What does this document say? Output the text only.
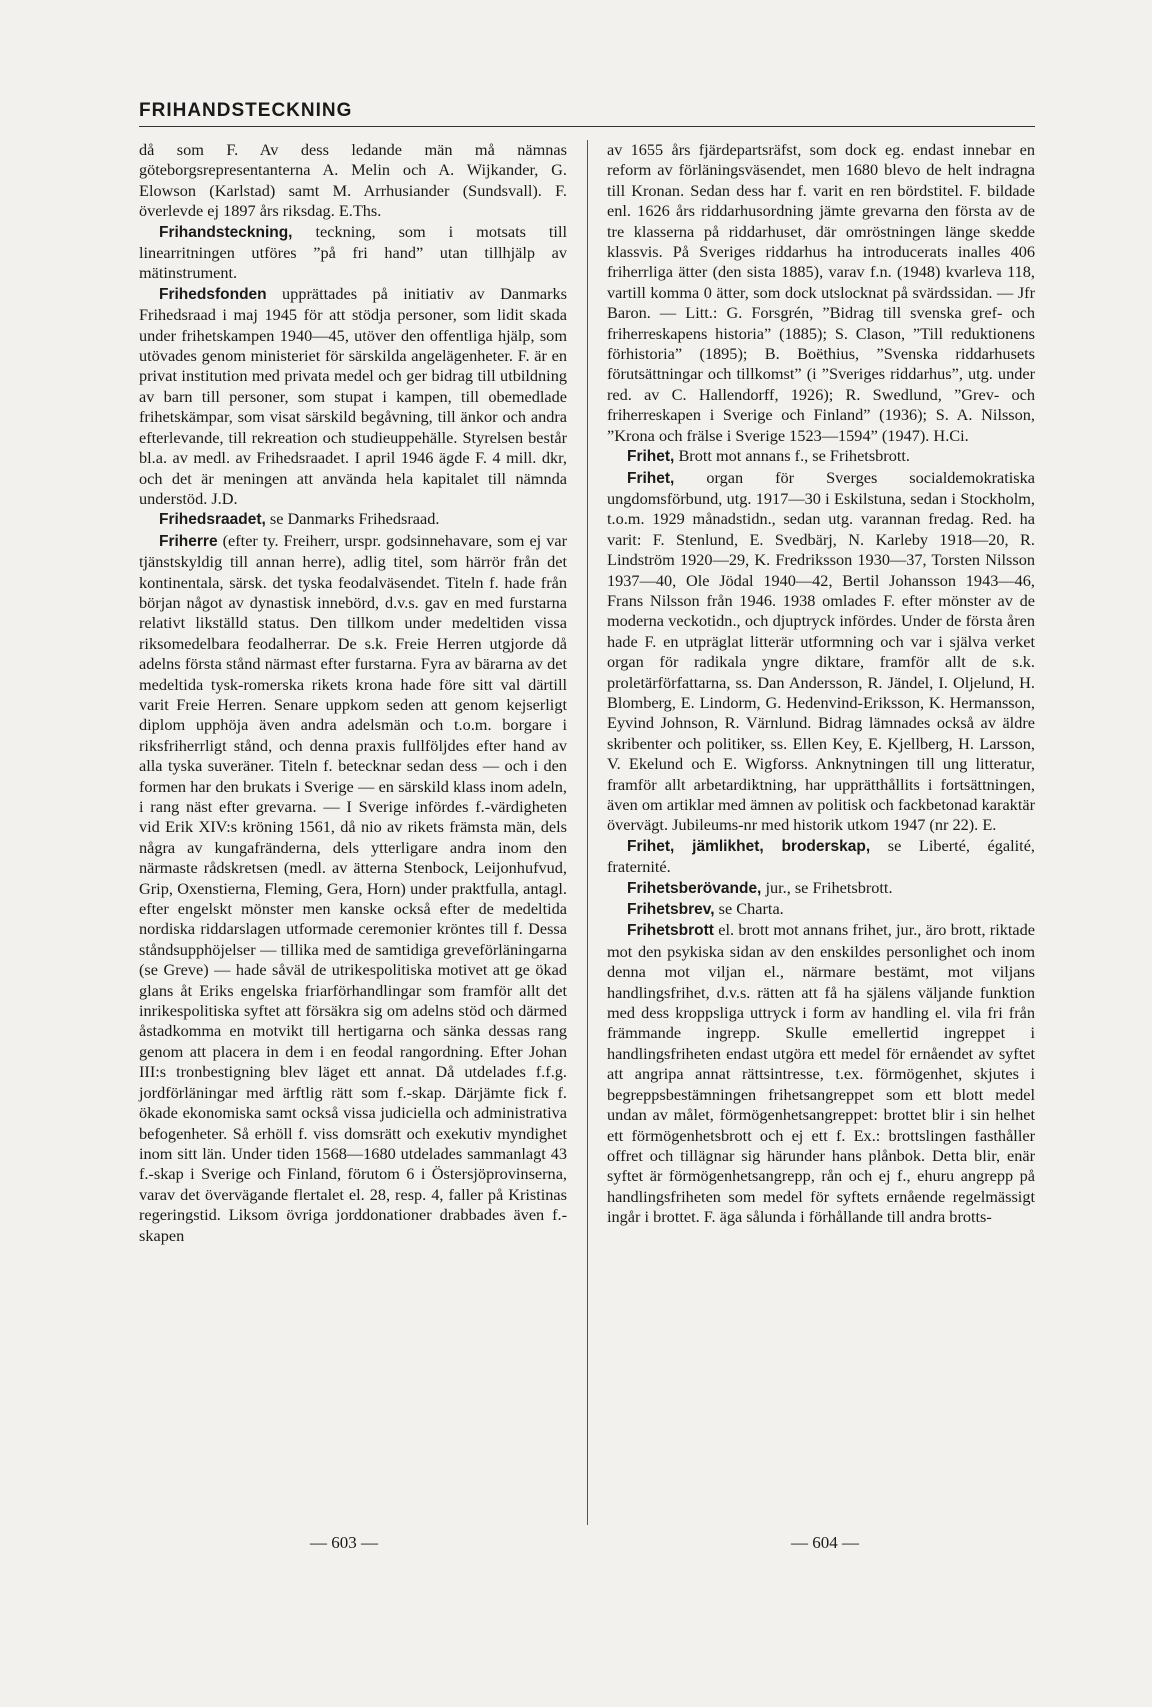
FRIHANDSTECKNING

då som F. Av dess ledande män må nämnas göteborgsrepresentanterna A. Melin och A. Wijkander, G. Elowson (Karlstad) samt M. Arrhusiander (Sundsvall). F. överlevde ej 1897 års riksdag. E.Ths.

Frihandsteckning, teckning, som i motsats till linearritningen utföres ”på fri hand” utan tillhjälp av mätinstrument.

Frihedsfonden upprättades på initiativ av Danmarks Frihedsraad i maj 1945 för att stödja personer, som lidit skada under frihetskampen 1940—45, utöver den offentliga hjälp, som utövades genom ministeriet för särskilda angelägenheter. F. är en privat institution med privata medel och ger bidrag till utbildning av barn till personer, som stupat i kampen, till obemedlade frihetskämpar, som visat särskild begåvning, till änkor och andra efterlevande, till rekreation och studieuppehälle. Styrelsen består bl.a. av medl. av Frihedsraadet. I april 1946 ägde F. 4 mill. dkr, och det är meningen att använda hela kapitalet till nämnda understöd. J.D.

Frihedsraadet, se Danmarks Frihedsraad.

Friherre (efter ty. Freiherr, urspr. godsinnehavare, som ej var tjänstskyldig till annan herre), adlig titel, som härrör från det kontinentala, särsk. det tyska feodalväsendet. Titeln f. hade från början något av dynastisk innebörd, d.v.s. gav en med furstarna relativt likställd status. Den tillkom under medeltiden vissa riksomedelbara feodalherrar. De s.k. Freie Herren utgjorde då adelns första stånd närmast efter furstarna. Fyra av bärarna av det medeltida tysk-romerska rikets krona hade före sitt val därtill varit Freie Herren. Senare uppkom seden att genom kejserligt diplom upphöja även andra adelsmän och t.o.m. borgare i riksfriherrligt stånd, och denna praxis fullföljdes efter hand av alla tyska suveräner. Titeln f. betecknar sedan dess — och i den formen har den brukats i Sverige — en särskild klass inom adeln, i rang näst efter grevarna. — I Sverige infördes f.-värdigheten vid Erik XIV:s kröning 1561, då nio av rikets främsta män, dels några av kungafränderna, dels ytterligare andra inom den närmaste rådskretsen (medl. av ätterna Stenbock, Leijonhufvud, Grip, Oxenstierna, Fleming, Gera, Horn) under praktfulla, antagl. efter engelskt mönster men kanske också efter de medeltida nordiska riddarslagen utformade ceremonier kröntes till f. Dessa ståndsupphöjelser — tillika med de samtidiga greveförläningarna (se Greve) — hade såväl de utrikespolitiska motivet att ge ökad glans åt Eriks engelska friarförhandlingar som framför allt det inrikespolitiska syftet att försäkra sig om adelns stöd och därmed åstadkomma en motvikt till hertigarna och sänka dessas rang genom att placera in dem i en feodal rangordning. Efter Johan III:s tronbestigning blev läget ett annat. Då utdelades f.f.g. jordförläningar med ärftlig rätt som f.-skap. Därjämte fick f. ökade ekonomiska samt också vissa judiciella och administrativa befogenheter. Så erhöll f. viss domsrätt och exekutiv myndighet inom sitt län. Under tiden 1568—1680 utdelades sammanlagt 43 f.-skap i Sverige och Finland, förutom 6 i Östersjöprovinserna, varav det övervägande flertalet el. 28, resp. 4, faller på Kristinas regeringstid. Liksom övriga jorddonationer drabbades även f.-skapen

av 1655 års fjärdepartsräfst, som dock eg. endast innebar en reform av förläningsväsendet, men 1680 blevo de helt indragna till Kronan. Sedan dess har f. varit en ren bördstitel. F. bildade enl. 1626 års riddarhusordning jämte grevarna den första av de tre klasserna på riddarhuset, där omröstningen länge skedde klassvis. På Sveriges riddarhus ha introducerats inalles 406 friherrliga ätter (den sista 1885), varav f.n. (1948) kvarleva 118, vartill komma 0 ätter, som dock utslocknat på svärdssidan. — Jfr Baron. — Litt.: G. Forsgrén, ”Bidrag till svenska gref- och friherreskapens historia” (1885); S. Clason, ”Till reduktionens förhistoria” (1895); B. Boëthius, ”Svenska riddarhusets förutsättningar och tillkomst” (i ”Sveriges riddarhus”, utg. under red. av C. Hallendorff, 1926); R. Swedlund, ”Grev- och friherreskapen i Sverige och Finland” (1936); S. A. Nilsson, ”Krona och frälse i Sverige 1523—1594” (1947). H.Ci.

Frihet, Brott mot annans f., se Frihetsbrott.

Frihet, organ för Sverges socialdemokratiska ungdomsförbund, utg. 1917—30 i Eskilstuna, sedan i Stockholm, t.o.m. 1929 månadstidn., sedan utg. varannan fredag. Red. ha varit: F. Stenlund, E. Svedbärj, N. Karleby 1918—20, R. Lindström 1920—29, K. Fredriksson 1930—37, Torsten Nilsson 1937—40, Ole Jödal 1940—42, Bertil Johansson 1943—46, Frans Nilsson från 1946. 1938 omlades F. efter mönster av de moderna veckotidn., och djuptryck infördes. Under de första åren hade F. en utpräglat litterär utformning och var i själva verket organ för radikala yngre diktare, framför allt de s.k. proletärförfattarna, ss. Dan Andersson, R. Jändel, I. Oljelund, H. Blomberg, E. Lindorm, G. Hedenvind-Eriksson, K. Hermansson, Eyvind Johnson, R. Värnlund. Bidrag lämnades också av äldre skribenter och politiker, ss. Ellen Key, E. Kjellberg, H. Larsson, V. Ekelund och E. Wigforss. Anknytningen till ung litteratur, framför allt arbetardiktning, har upprätthållits i fortsättningen, även om artiklar med ämnen av politisk och fackbetonad karaktär övervägt. Jubileums-nr med historik utkom 1947 (nr 22). E.

Frihet, jämlikhet, broderskap, se Liberté, égalité, fraternité.

Frihetsberövande, jur., se Frihetsbrott.

Frihetsbrev, se Charta.

Frihetsbrott el. brott mot annans frihet, jur., äro brott, riktade mot den psykiska sidan av den enskildes personlighet och inom denna mot viljan el., närmare bestämt, mot viljans handlingsfrihet, d.v.s. rätten att få ha själens väljande funktion med dess kroppsliga uttryck i form av handling el. vila fri från främmande ingrepp. Skulle emellertid ingreppet i handlingsfriheten endast utgöra ett medel för ernåendet av syftet att angripa annat rättsintresse, t.ex. förmögenhet, skjutes i begreppsbestämningen frihetsangreppet som ett blott medel undan av målet, förmögenhetsangreppet: brottet blir i sin helhet ett förmögenhetsbrott och ej ett f. Ex.: brottslingen fasthåller offret och tillägnar sig härunder hans plånbok. Detta blir, enär syftet är förmögenhetsangrepp, rån och ej f., ehuru angrepp på handlingsfriheten som medel för syftets ernående regelmässigt ingår i brottet. F. äga sålunda i förhållande till andra brotts-

— 603 —	— 604 —
